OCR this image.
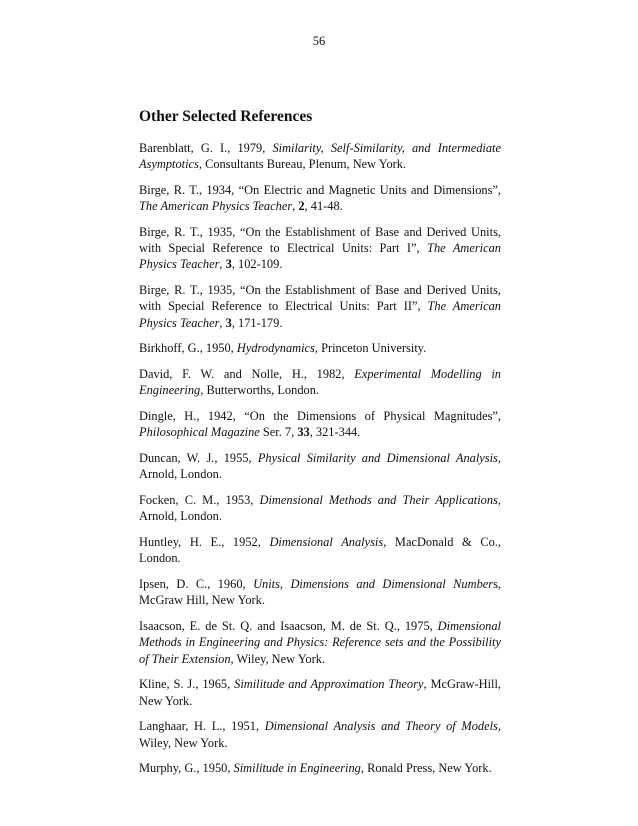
56

Other Selected References
Barenblatt, G. I., 1979, Similarity, Self-Similarity, and Intermediate Asymptotics, Consultants Bureau, Plenum, New York.
Birge, R. T., 1934, “On Electric and Magnetic Units and Dimensions”, The American Physics Teacher, 2, 41-48.
Birge, R. T., 1935, “On the Establishment of Base and Derived Units, with Special Reference to Electrical Units: Part I”, The American Physics Teacher, 3, 102-109.
Birge, R. T., 1935, “On the Establishment of Base and Derived Units, with Special Reference to Electrical Units: Part II”, The American Physics Teacher, 3, 171-179.
Birkhoff, G., 1950, Hydrodynamics, Princeton University.
David, F. W. and Nolle, H., 1982, Experimental Modelling in Engineering, Butterworths, London.
Dingle, H., 1942, “On the Dimensions of Physical Magnitudes”, Philosophical Magazine Ser. 7, 33, 321-344.
Duncan, W. J., 1955, Physical Similarity and Dimensional Analysis, Arnold, London.
Focken, C. M., 1953, Dimensional Methods and Their Applications, Arnold, London.
Huntley, H. E., 1952, Dimensional Analysis, MacDonald & Co., London.
Ipsen, D. C., 1960, Units, Dimensions and Dimensional Numbers, McGraw Hill, New York.
Isaacson, E. de St. Q. and Isaacson, M. de St. Q., 1975, Dimensional Methods in Engineering and Physics: Reference sets and the Possibility of Their Extension, Wiley, New York.
Kline, S. J., 1965, Similitude and Approximation Theory, McGraw-Hill, New York.
Langhaar, H. L., 1951, Dimensional Analysis and Theory of Models, Wiley, New York.
Murphy, G., 1950, Similitude in Engineering, Ronald Press, New York.
